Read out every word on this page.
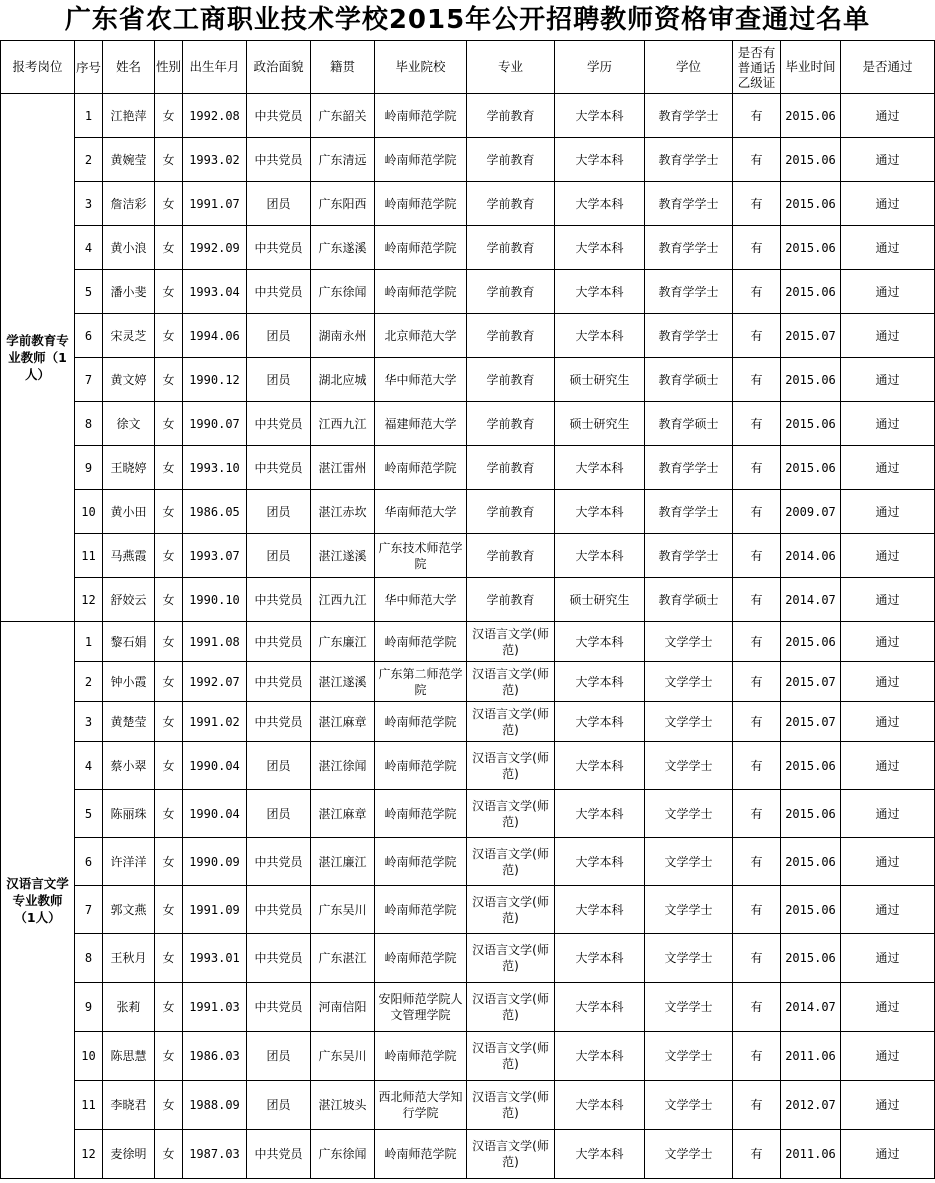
广东省农工商职业技术学校2015年公开招聘教师资格审查通过名单
报考岗位	序号	姓名	性别	出生年月	政治面貌	籍贯	毕业院校	专业	学历	学位	是否有普通话乙级证	毕业时间	是否通过
学前教育专业教师（1人）	1	江艳萍	女	1992.08	中共党员	广东韶关	岭南师范学院	学前教育	大学本科	教育学学士	有	2015.06	通过
	2	黄婉莹	女	1993.02	中共党员	广东清远	岭南师范学院	学前教育	大学本科	教育学学士	有	2015.06	通过
	3	詹洁彩	女	1991.07	团员	广东阳西	岭南师范学院	学前教育	大学本科	教育学学士	有	2015.06	通过
	4	黄小浪	女	1992.09	中共党员	广东遂溪	岭南师范学院	学前教育	大学本科	教育学学士	有	2015.06	通过
	5	潘小斐	女	1993.04	中共党员	广东徐闻	岭南师范学院	学前教育	大学本科	教育学学士	有	2015.06	通过
	6	宋灵芝	女	1994.06	团员	湖南永州	北京师范大学	学前教育	大学本科	教育学学士	有	2015.07	通过
	7	黄文婷	女	1990.12	团员	湖北应城	华中师范大学	学前教育	硕士研究生	教育学硕士	有	2015.06	通过
	8	徐文	女	1990.07	中共党员	江西九江	福建师范大学	学前教育	硕士研究生	教育学硕士	有	2015.06	通过
	9	王晓婷	女	1993.10	中共党员	湛江雷州	岭南师范学院	学前教育	大学本科	教育学学士	有	2015.06	通过
	10	黄小田	女	1986.05	团员	湛江赤坎	华南师范大学	学前教育	大学本科	教育学学士	有	2009.07	通过
	11	马燕霞	女	1993.07	团员	湛江遂溪	广东技术师范学院	学前教育	大学本科	教育学学士	有	2014.06	通过
	12	舒姣云	女	1990.10	中共党员	江西九江	华中师范大学	学前教育	硕士研究生	教育学硕士	有	2014.07	通过
汉语言文学专业教师（1人）	1	黎石娟	女	1991.08	中共党员	广东廉江	岭南师范学院	汉语言文学(师范)	大学本科	文学学士	有	2015.06	通过
	2	钟小霞	女	1992.07	中共党员	湛江遂溪	广东第二师范学院	汉语言文学(师范)	大学本科	文学学士	有	2015.07	通过
	3	黄楚莹	女	1991.02	中共党员	湛江麻章	岭南师范学院	汉语言文学(师范)	大学本科	文学学士	有	2015.07	通过
	4	蔡小翠	女	1990.04	团员	湛江徐闻	岭南师范学院	汉语言文学(师范)	大学本科	文学学士	有	2015.06	通过
	5	陈丽珠	女	1990.04	团员	湛江麻章	岭南师范学院	汉语言文学(师范)	大学本科	文学学士	有	2015.06	通过
	6	许洋洋	女	1990.09	中共党员	湛江廉江	岭南师范学院	汉语言文学(师范)	大学本科	文学学士	有	2015.06	通过
	7	郭文燕	女	1991.09	中共党员	广东吴川	岭南师范学院	汉语言文学(师范)	大学本科	文学学士	有	2015.06	通过
	8	王秋月	女	1993.01	中共党员	广东湛江	岭南师范学院	汉语言文学(师范)	大学本科	文学学士	有	2015.06	通过
	9	张莉	女	1991.03	中共党员	河南信阳	安阳师范学院人文管理学院	汉语言文学(师范)	大学本科	文学学士	有	2014.07	通过
	10	陈思慧	女	1986.03	团员	广东吴川	岭南师范学院	汉语言文学(师范)	大学本科	文学学士	有	2011.06	通过
	11	李晓君	女	1988.09	团员	湛江坡头	西北师范大学知行学院	汉语言文学(师范)	大学本科	文学学士	有	2012.07	通过
	12	麦徐明	女	1987.03	中共党员	广东徐闻	岭南师范学院	汉语言文学(师范)	大学本科	文学学士	有	2011.06	通过
